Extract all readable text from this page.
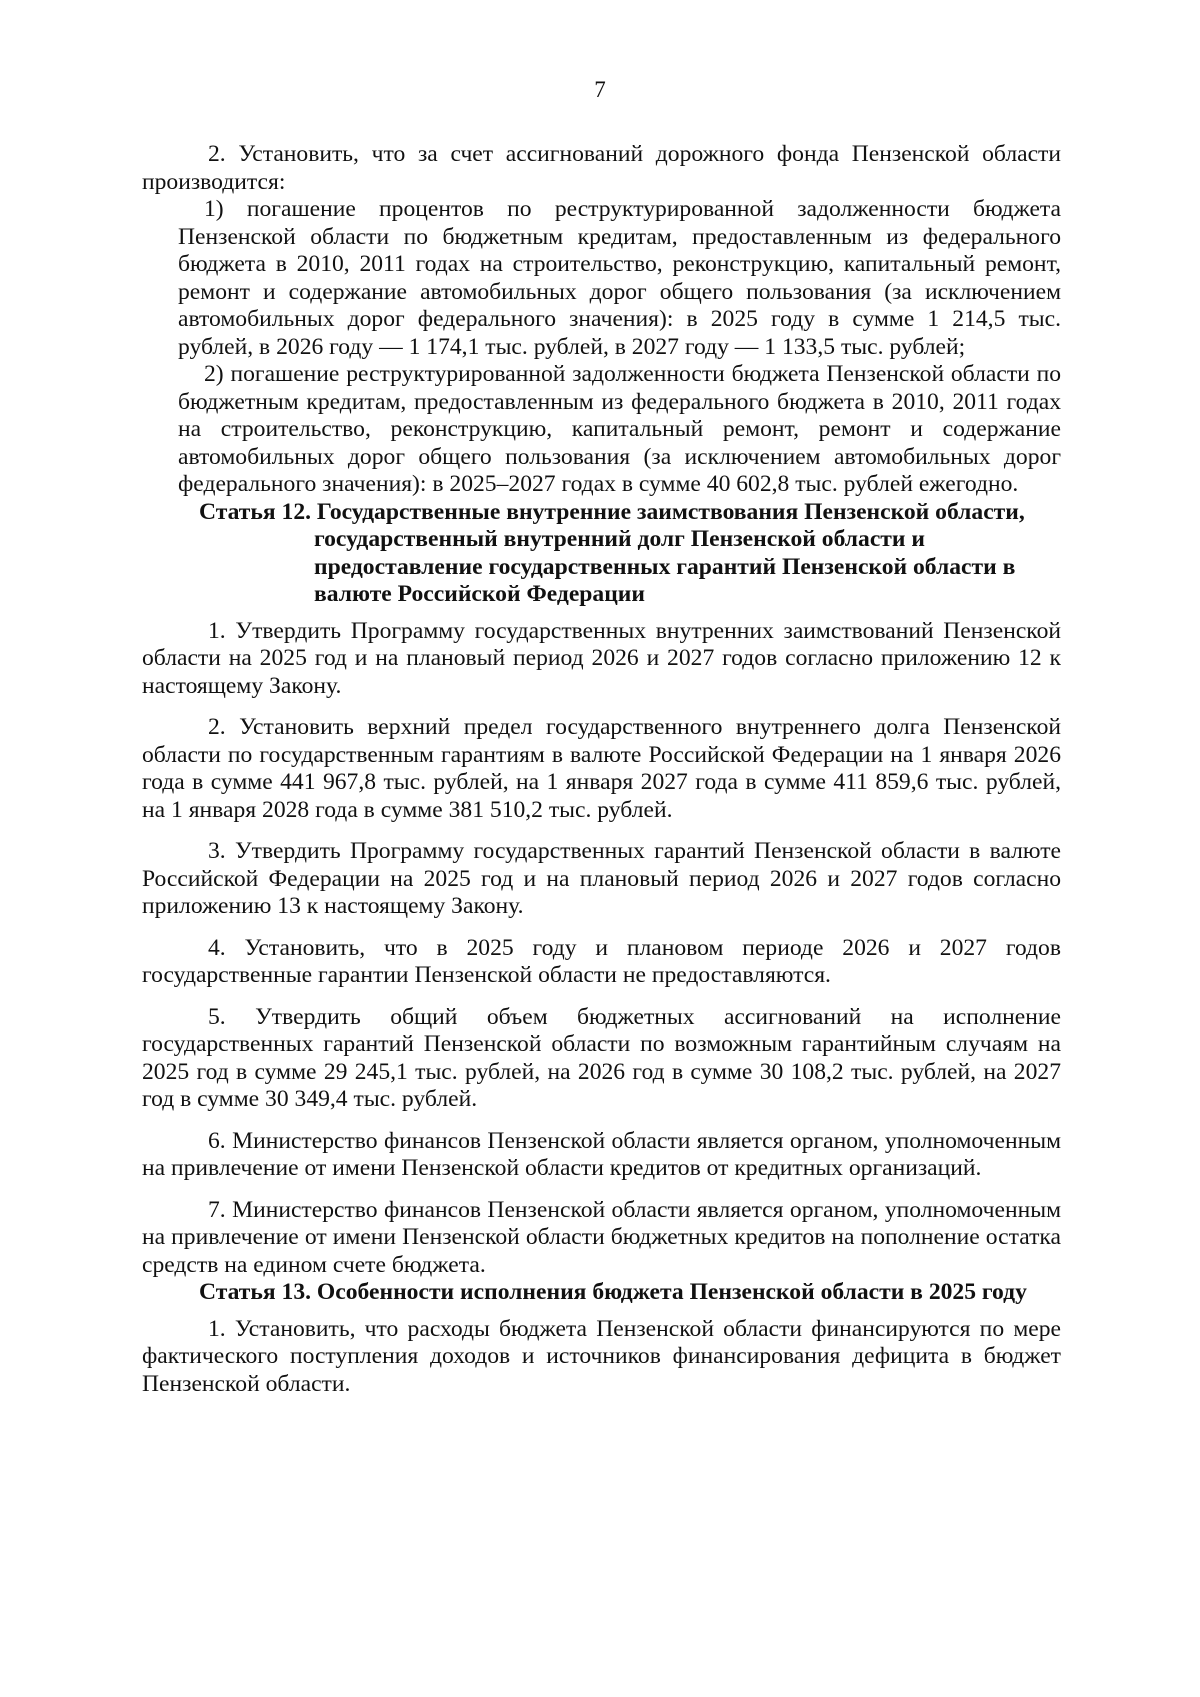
7

2. Установить, что за счет ассигнований дорожного фонда Пензенской области производится:

1) погашение процентов по реструктурированной задолженности бюджета Пензенской области по бюджетным кредитам, предоставленным из федерального бюджета в 2010, 2011 годах на строительство, реконструкцию, капитальный ремонт, ремонт и содержание автомобильных дорог общего пользования (за исключением автомобильных дорог федерального значения): в 2025 году в сумме 1 214,5 тыс. рублей, в 2026 году — 1 174,1 тыс. рублей, в 2027 году — 1 133,5 тыс. рублей;

2) погашение реструктурированной задолженности бюджета Пензенской области по бюджетным кредитам, предоставленным из федерального бюджета в 2010, 2011 годах на строительство, реконструкцию, капитальный ремонт, ремонт и содержание автомобильных дорог общего пользования (за исключением автомобильных дорог федерального значения): в 2025–2027 годах в сумме 40 602,8 тыс. рублей ежегодно.

Статья 12. Государственные внутренние заимствования Пензенской области, государственный внутренний долг Пензенской области и предоставление государственных гарантий Пензенской области в валюте Российской Федерации

1. Утвердить Программу государственных внутренних заимствований Пензенской области на 2025 год и на плановый период 2026 и 2027 годов согласно приложению 12 к настоящему Закону.

2. Установить верхний предел государственного внутреннего долга Пензенской области по государственным гарантиям в валюте Российской Федерации на 1 января 2026 года в сумме 441 967,8 тыс. рублей, на 1 января 2027 года в сумме 411 859,6 тыс. рублей, на 1 января 2028 года в сумме 381 510,2 тыс. рублей.

3. Утвердить Программу государственных гарантий Пензенской области в валюте Российской Федерации на 2025 год и на плановый период 2026 и 2027 годов согласно приложению 13 к настоящему Закону.

4. Установить, что в 2025 году и плановом периоде 2026 и 2027 годов государственные гарантии Пензенской области не предоставляются.

5. Утвердить общий объем бюджетных ассигнований на исполнение государственных гарантий Пензенской области по возможным гарантийным случаям на 2025 год в сумме 29 245,1 тыс. рублей, на 2026 год в сумме 30 108,2 тыс. рублей, на 2027 год в сумме 30 349,4 тыс. рублей.

6. Министерство финансов Пензенской области является органом, уполномоченным на привлечение от имени Пензенской области кредитов от кредитных организаций.

7. Министерство финансов Пензенской области является органом, уполномоченным на привлечение от имени Пензенской области бюджетных кредитов на пополнение остатка средств на едином счете бюджета.

Статья 13. Особенности исполнения бюджета Пензенской области в 2025 году

1. Установить, что расходы бюджета Пензенской области финансируются по мере фактического поступления доходов и источников финансирования дефицита в бюджет Пензенской области.
